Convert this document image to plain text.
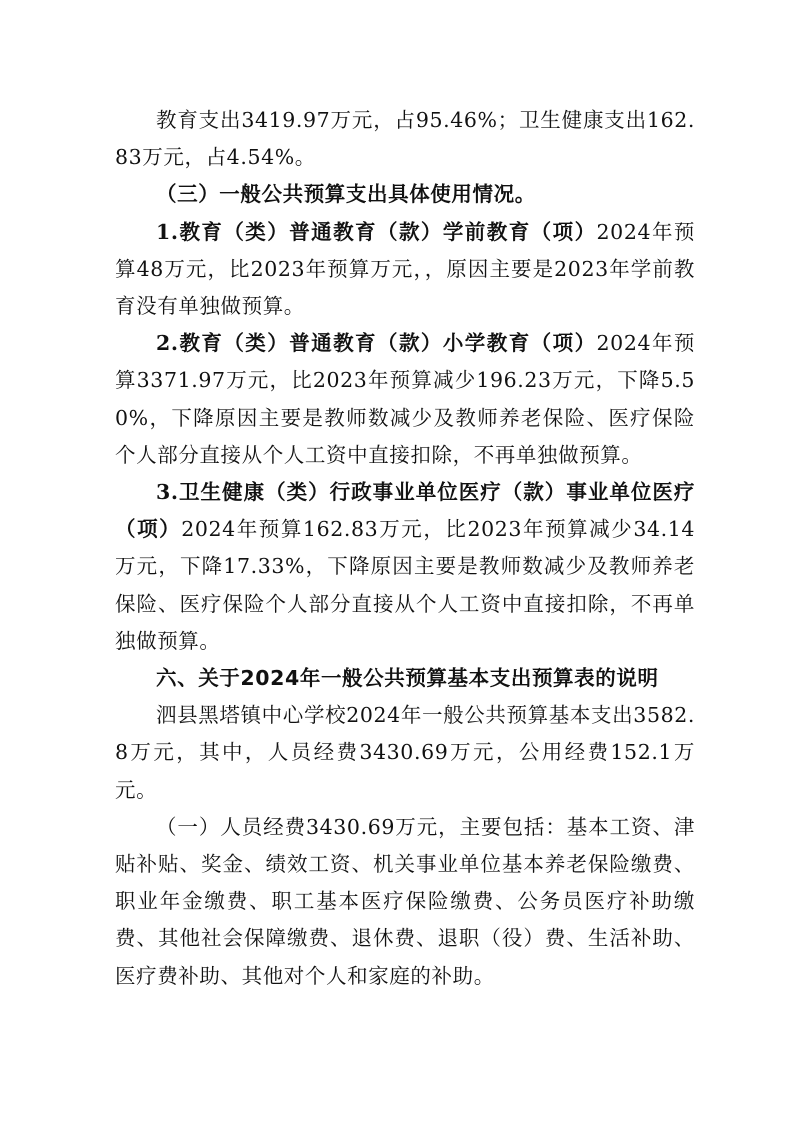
教育支出3419.97万元，占95.46%；卫生健康支出162.83万元，占4.54%。

（三）一般公共预算支出具体使用情况。

1.教育（类）普通教育（款）学前教育（项）2024年预算48万元，比2023年预算万元，，原因主要是2023年学前教育没有单独做预算。

2.教育（类）普通教育（款）小学教育（项）2024年预算3371.97万元，比2023年预算减少196.23万元，下降5.50%，下降原因主要是教师数减少及教师养老保险、医疗保险个人部分直接从个人工资中直接扣除，不再单独做预算。

3.卫生健康（类）行政事业单位医疗（款）事业单位医疗（项）2024年预算162.83万元，比2023年预算减少34.14万元，下降17.33%，下降原因主要是教师数减少及教师养老保险、医疗保险个人部分直接从个人工资中直接扣除，不再单独做预算。

六、关于2024年一般公共预算基本支出预算表的说明

泗县黑塔镇中心学校2024年一般公共预算基本支出3582.8万元，其中，人员经费3430.69万元，公用经费152.1万元。

（一）人员经费3430.69万元，主要包括：基本工资、津贴补贴、奖金、绩效工资、机关事业单位基本养老保险缴费、职业年金缴费、职工基本医疗保险缴费、公务员医疗补助缴费、其他社会保障缴费、退休费、退职（役）费、生活补助、医疗费补助、其他对个人和家庭的补助。
